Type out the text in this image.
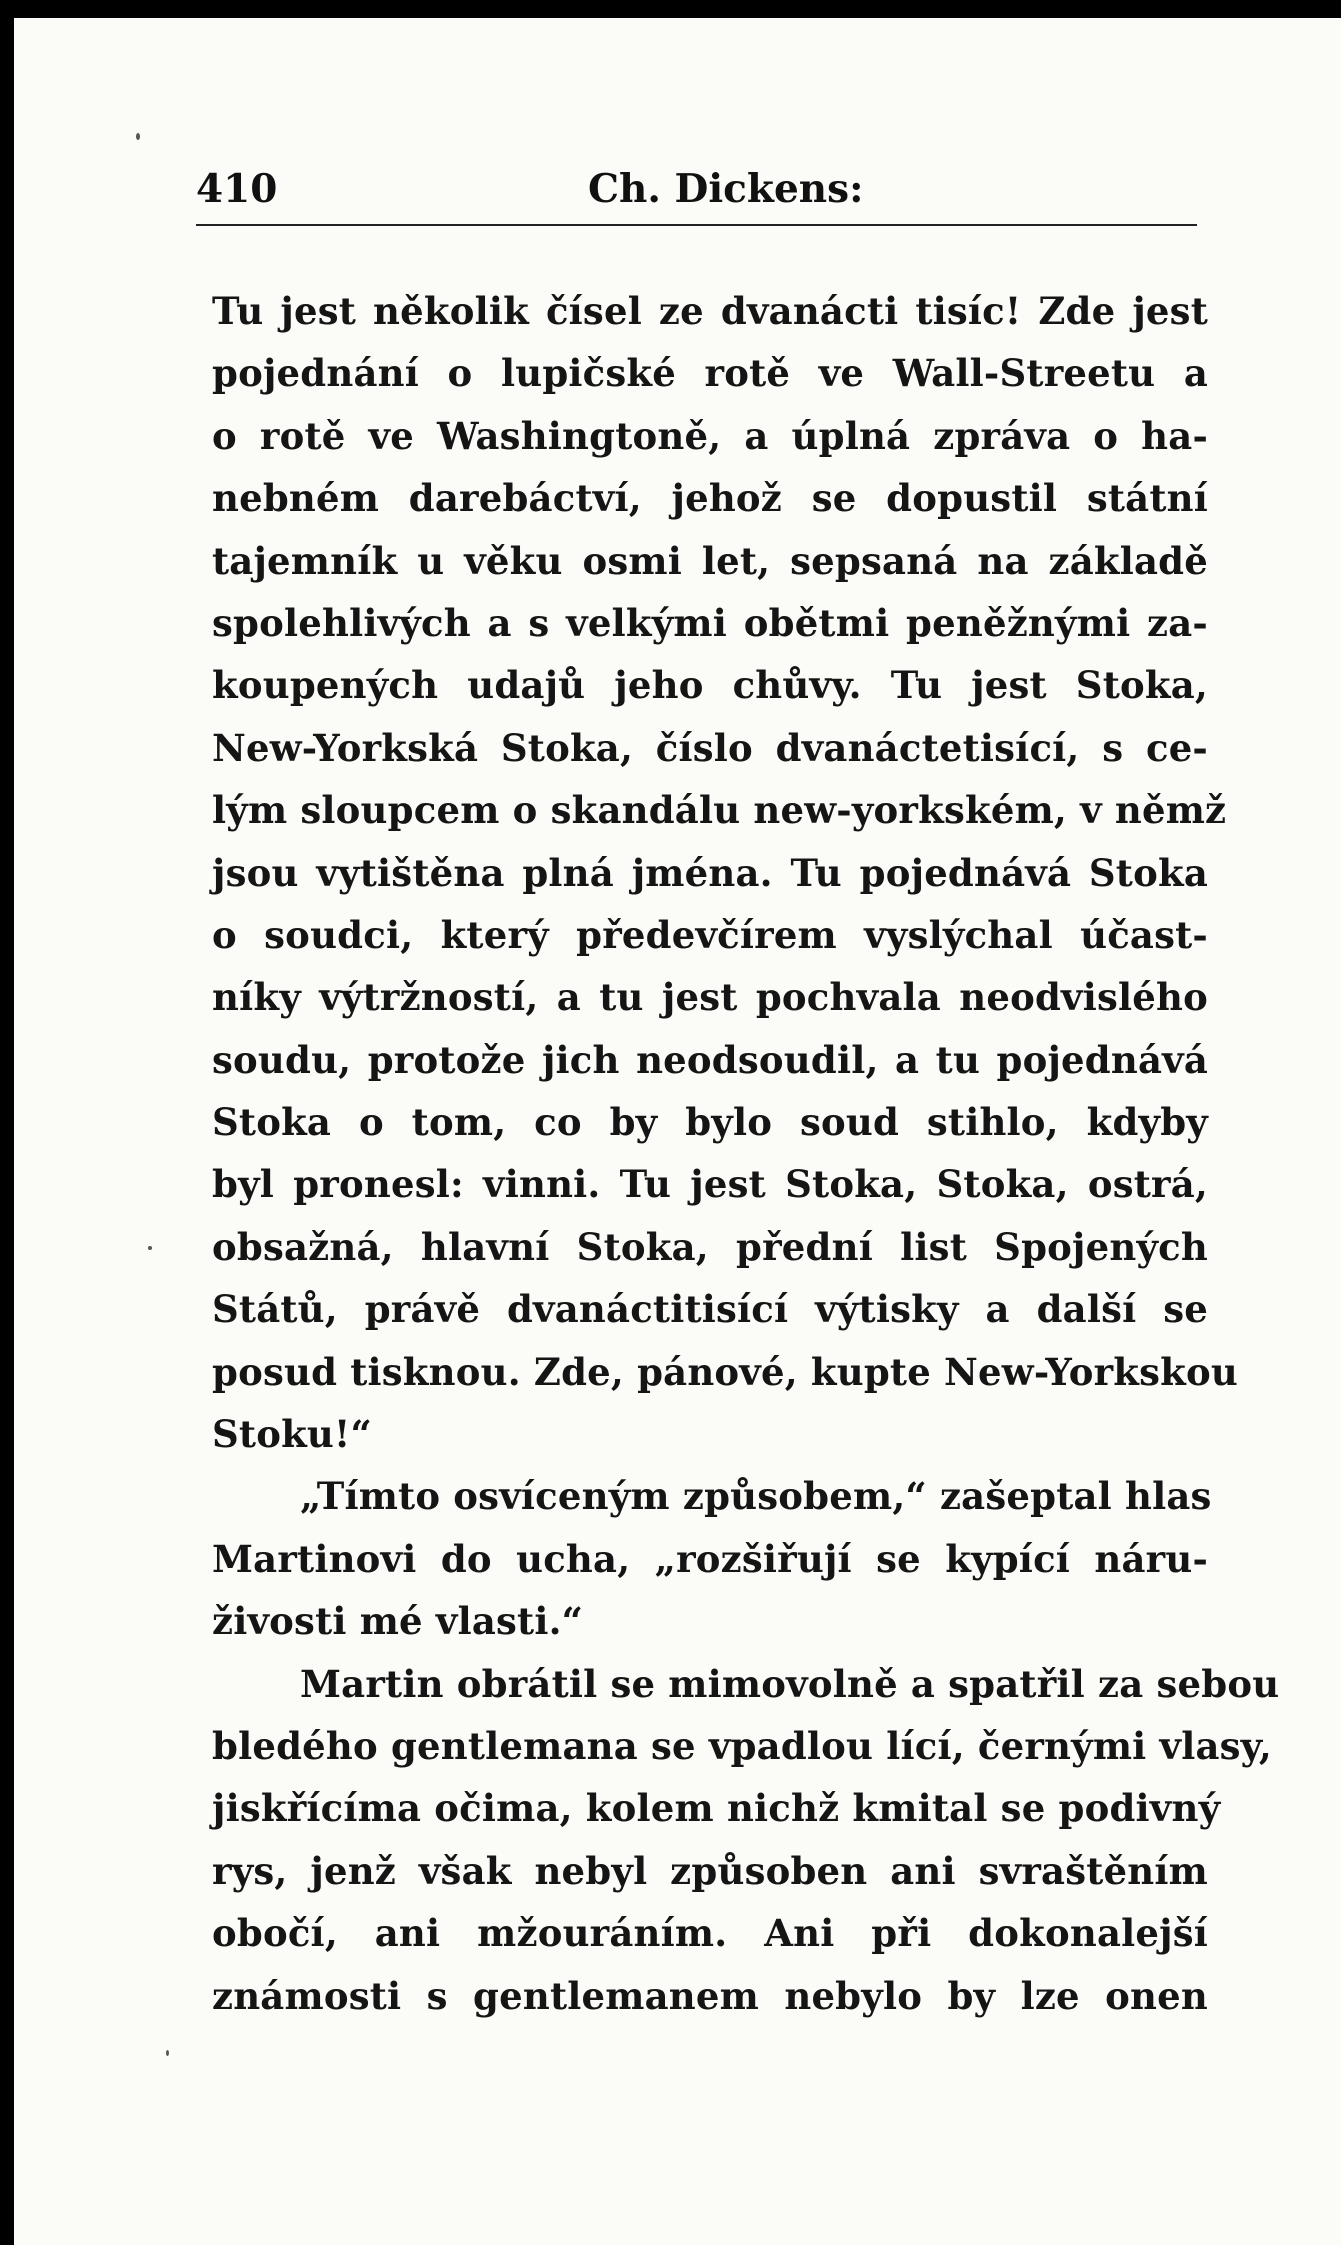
410	Ch. Dickens:
Tu jest několik čísel ze dvanácti tisíc! Zde jest
pojednání o lupičské rotě ve Wall-Streetu a
o rotě ve Washingtoně, a úplná zpráva o ha-
nebném darebáctví, jehož se dopustil státní
tajemník u věku osmi let, sepsaná na základě
spolehlivých a s velkými obětmi peněžnými za-
koupených udajů jeho chůvy. Tu jest Stoka,
New-Yorkská Stoka, číslo dvanáctetisící, s ce-
lým sloupcem o skandálu new-yorkském, v němž
jsou vytištěna plná jména. Tu pojednává Stoka
o soudci, který předevčírem vyslýchal účast-
níky výtržností, a tu jest pochvala neodvislého
soudu, protože jich neodsoudil, a tu pojednává
Stoka o tom, co by bylo soud stihlo, kdyby
byl pronesl: vinni. Tu jest Stoka, Stoka, ostrá,
obsažná, hlavní Stoka, přední list Spojených
Států, právě dvanáctitisící výtisky a další se
posud tisknou. Zde, pánové, kupte New-Yorkskou
Stoku!“
„Tímto osvíceným způsobem,“ zašeptal hlas
Martinovi do ucha, „rozšiřují se kypící náru-
živosti mé vlasti.“
Martin obrátil se mimovolně a spatřil za sebou
bledého gentlemana se vpadlou lící, černými vlasy,
jiskřícíma očima, kolem nichž kmital se podivný
rys, jenž však nebyl způsoben ani svraštěním
obočí, ani mžouráním. Ani při dokonalejší
známosti s gentlemanem nebylo by lze onen
